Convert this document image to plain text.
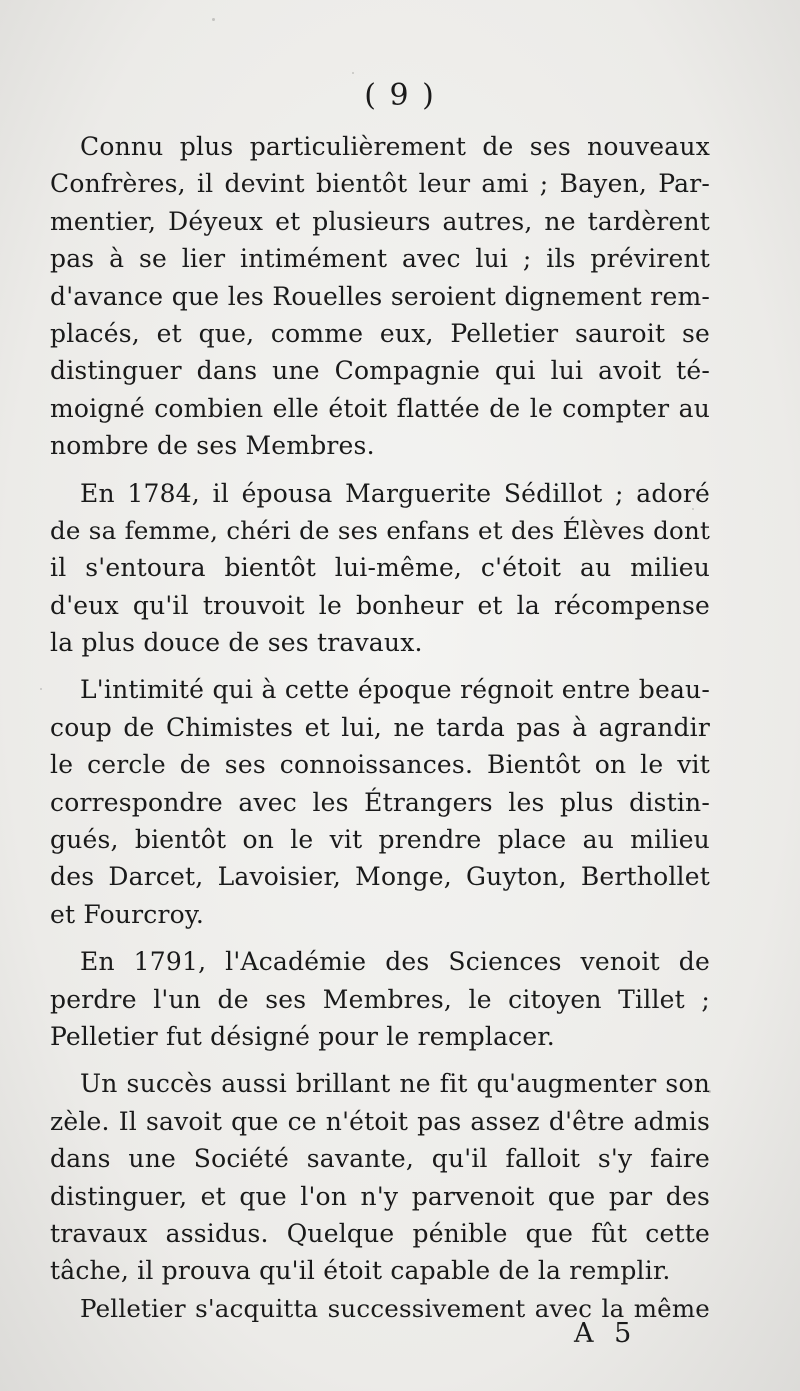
( 9 )
Connu plus particulièrement de ses nouveaux
Confrères, il devint bientôt leur ami ; Bayen, Par-
mentier, Déyeux et plusieurs autres, ne tardèrent
pas à se lier intimément avec lui ; ils prévirent
d'avance que les Rouelles seroient dignement rem-
placés, et que, comme eux, Pelletier sauroit se
distinguer dans une Compagnie qui lui avoit té-
moigné combien elle étoit flattée de le compter au
nombre de ses Membres.
En 1784, il épousa Marguerite Sédillot ; adoré
de sa femme, chéri de ses enfans et des Élèves dont
il s'entoura bientôt lui-même, c'étoit au milieu
d'eux qu'il trouvoit le bonheur et la récompense
la plus douce de ses travaux.
L'intimité qui à cette époque régnoit entre beau-
coup de Chimistes et lui, ne tarda pas à agrandir
le cercle de ses connoissances. Bientôt on le vit
correspondre avec les Étrangers les plus distin-
gués, bientôt on le vit prendre place au milieu
des Darcet, Lavoisier, Monge, Guyton, Berthollet
et Fourcroy.
En 1791, l'Académie des Sciences venoit de
perdre l'un de ses Membres, le citoyen Tillet ;
Pelletier fut désigné pour le remplacer.
Un succès aussi brillant ne fit qu'augmenter son
zèle. Il savoit que ce n'étoit pas assez d'être admis
dans une Société savante, qu'il falloit s'y faire
distinguer, et que l'on n'y parvenoit que par des
travaux assidus. Quelque pénible que fût cette
tâche, il prouva qu'il étoit capable de la remplir.
Pelletier s'acquitta successivement avec la même
A 5
